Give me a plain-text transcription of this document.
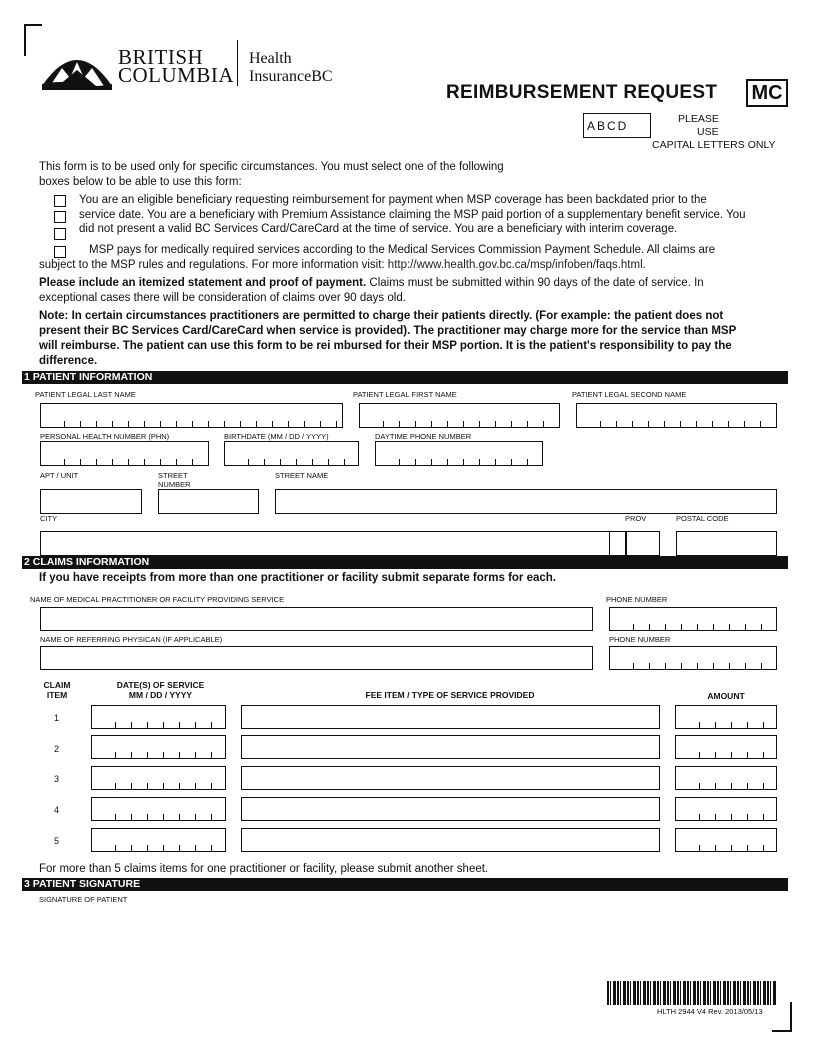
BRITISH
COLUMBIA
Health
InsuranceBC
REIMBURSEMENT REQUEST MC
ABCD	PLEASE
USE
CAPITAL LETTERS ONLY
This form is to be used only for specific circumstances. You must select one of the following
boxes below to be able to use this form:
You are an eligible beneficiary requesting reimbursement for payment when MSP coverage has been backdated prior to the
service date. You are a beneficiary with Premium Assistance claiming the MSP paid portion of a supplementary benefit service. You
did not present a valid BC Services Card/CareCard at the time of service. You are a beneficiary with interim coverage.
MSP pays for medically required services according to the Medical Services Commission Payment Schedule. All claims are
subject to the MSP rules and regulations. For more information visit: http://www.health.gov.bc.ca/msp/infoben/faqs.html.
Please include an itemized statement and proof of payment. Claims must be submitted within 90 days of the date of service. In
exceptional cases there will be consideration of claims over 90 days old.
Note: In certain circumstances practitioners are permitted to charge their patients directly. (For example: the patient does not
present their BC Services Card/CareCard when service is provided). The practitioner may charge more for the service than MSP
will reimburse. The patient can use this form to be rei mbursed for their MSP portion. It is the patient's responsibility to pay the
difference.
1 PATIENT INFORMATION
PATIENT LEGAL LAST NAME	PATIENT LEGAL FIRST NAME	PATIENT LEGAL SECOND NAME
PERSONAL HEALTH NUMBER (PHN)	BIRTHDATE (MM / DD / YYYY)	DAYTIME PHONE NUMBER
APT / UNIT	STREET
NUMBER
STREET NAME
CITY	PROV	POSTAL CODE
2 CLAIMS INFORMATION
If you have receipts from more than one practitioner or facility submit separate forms for each.
NAME OF MEDICAL PRACTITIONER OR FACILITY PROVIDING SERVICE	PHONE NUMBER
NAME OF REFERRING PHYSICAN (IF APPLICABLE)	PHONE NUMBER
CLAIM
ITEM
DATE(S) OF SERVICE
MM / DD / YYYY	FEE ITEM / TYPE OF SERVICE PROVIDED	AMOUNT
1
2
3
4
5
For more than 5 claims items for one practitioner or facility, please submit another sheet.
3 PATIENT SIGNATURE
SIGNATURE OF PATIENT
HLTH 2944 V4 Rev. 2013/05/13
